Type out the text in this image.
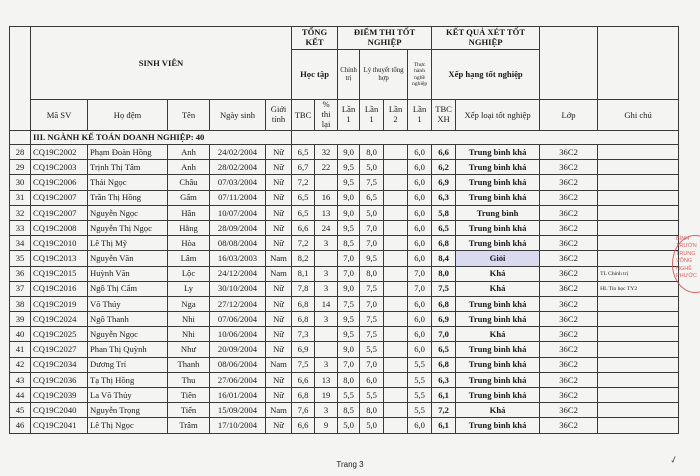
	SINH VIÊN					TỔNG KẾT		ĐIỂM THI TỐT NGHIỆP				KẾT QUẢ XÉT TỐT NGHIỆP			
						Học tập		Chính trị	Lý thuyết tổng hợp		Thực hành nghề nghiệp	Xếp hạng tốt nghiệp			
	Mã SV	Họ đệm	Tên	Ngày sinh	Giới tính	TBC	% thi lại	Lần 1	Lần 1	Lần 2	Lần 1	TBC XH	Xếp loại tốt nghiệp	Lớp	Ghi chú
	III. NGÀNH KẾ TOÁN DOANH NGHIỆP: 40														
28	CQ19C2002	Phạm Đoàn Hồng	Anh	24/02/2004	Nữ	6,5	32	9,0	8,0		6,0	6,6	Trung bình khá	36C2	
29	CQ19C2003	Trịnh Thị Tâm	Anh	28/02/2004	Nữ	6,7	22	9,5	5,0		6,0	6,2	Trung bình khá	36C2	
30	CQ19C2006	Thái Ngọc	Châu	07/03/2004	Nữ	7,2		9,5	7,5		6,0	6,9	Trung bình khá	36C2	
31	CQ19C2007	Trần Thị Hồng	Gấm	07/11/2004	Nữ	6,5	16	9,0	6,5		6,0	6,3	Trung bình khá	36C2	
32	CQ19C2007	Nguyễn Ngọc	Hân	10/07/2004	Nữ	6,5	13	9,0	5,0		6,0	5,8	Trung bình	36C2	
33	CQ19C2008	Nguyễn Thị Ngọc	Hằng	28/09/2004	Nữ	6,6	24	9,5	7,0		6,0	6,5	Trung bình khá	36C2	
34	CQ19C2010	Lê Thị Mỹ	Hòa	08/08/2004	Nữ	7,2	3	8,5	7,0		6,0	6,8	Trung bình khá	36C2	
35	CQ19C2013	Nguyễn Văn	Lâm	16/03/2003	Nam	8,2		7,0	9,5		6,0	8,4	Giỏi	36C2	
36	CQ19C2015	Huỳnh Văn	Lộc	24/12/2004	Nam	8,1	3	7,0	8,0		7,0	8,0	Khá	36C2	TL Chính trị
37	CQ19C2016	Ngô Thị Cẩm	Ly	30/10/2004	Nữ	7,8	3	9,0	7,5		7,0	7,5	Khá	36C2	HL Tin học TY2
38	CQ19C2019	Võ Thúy	Nga	27/12/2004	Nữ	6,8	14	7,5	7,0		6,0	6,8	Trung bình khá	36C2	
39	CQ19C2024	Ngô Thanh	Nhi	07/06/2004	Nữ	6,8	3	9,5	7,5		6,0	6,9	Trung bình khá	36C2	
40	CQ19C2025	Nguyễn Ngọc	Nhi	10/06/2004	Nữ	7,3		9,5	7,5		6,0	7,0	Khá	36C2	
41	CQ19C2027	Phan Thị Quỳnh	Như	20/09/2004	Nữ	6,9		9,0	5,5		6,0	6,5	Trung bình khá	36C2	
42	CQ19C2034	Dương Trí	Thanh	08/06/2004	Nam	7,5	3	7,0	7,0		5,5	6,8	Trung bình khá	36C2	
43	CQ19C2036	Tạ Thị Hồng	Thu	27/06/2004	Nữ	6,6	13	8,0	6,0		5,5	6,3	Trung bình khá	36C2	
44	CQ19C2039	La Võ Thủy	Tiên	16/01/2004	Nữ	6,8	19	5,5	5,5		5,5	6,1	Trung bình khá	36C2	
45	CQ19C2040	Nguyễn Trọng	Tiến	15/09/2004	Nam	7,6	3	8,5	8,0		5,5	7,2	Khá	36C2	
46	CQ19C2041	Lê Thị Ngọc	Trâm	17/10/2004	Nữ	6,6	9	5,0	5,0		6,0	6,1	Trung bình khá	36C2	
BÌNH
TRƯỜN
TRUNG
VÕNG
NGHỀ
PHƯỚC
Trang 3	✓
